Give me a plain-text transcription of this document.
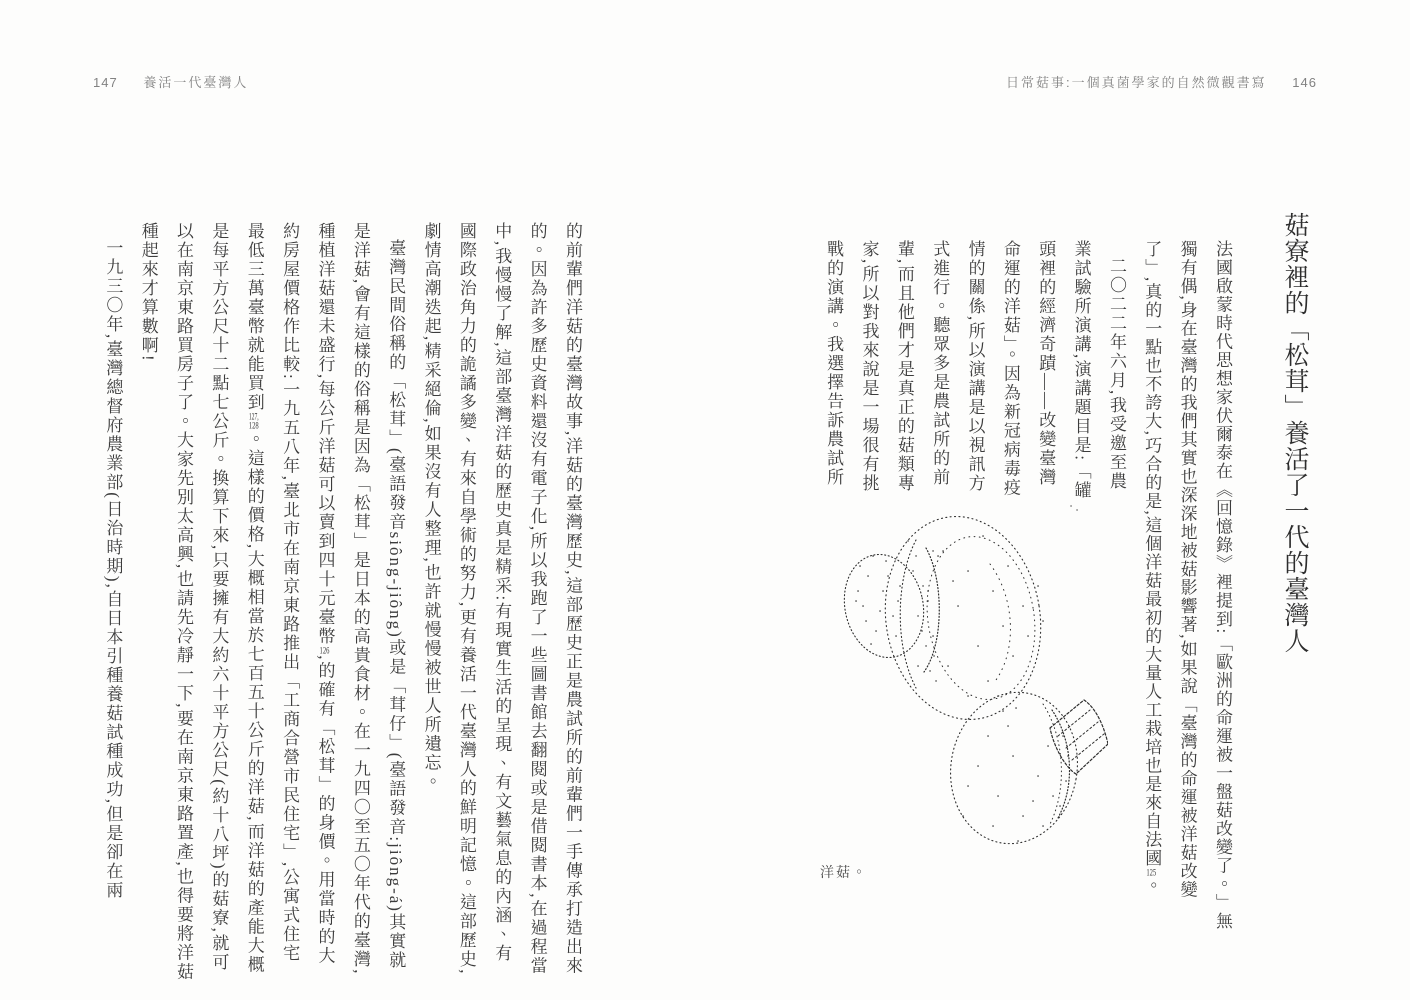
147 養活一代臺灣人	日常菇事:一個真菌學家的自然微觀書寫 146
菇寮裡的「松茸」養活了一代的臺灣人

法國啟蒙時代思想家伏爾泰在《回憶錄》裡提到:「歐洲的命運被一盤菇改變了。」無獨有偶,身在臺灣的我們其實也深深地被菇影響著,如果說「臺灣的命運被洋菇改變了」,真的一點也不誇大,巧合的是,這個洋菇最初的大量人工栽培也是來自法國125。

二〇二二年六月,我受邀至農業試驗所演講,演講題目是:「罐頭裡的經濟奇蹟——改變臺灣命運的洋菇」。因為新冠病毒疫情的關係,所以演講是以視訊方式進行。聽眾多是農試所的前輩,而且他們才是真正的菇類專家,所以對我來說是一場很有挑戰的演講。我選擇告訴農試所

洋菇。

的前輩們洋菇的臺灣故事,洋菇的臺灣歷史,這部歷史正是農試所的前輩們一手傳承打造出來的。因為許多歷史資料還沒有電子化,所以我跑了一些圖書館去翻閱或是借閱書本,在過程當中,我慢慢了解,這部臺灣洋菇的歷史真是精采:有現實生活的呈現、有文藝氣息的內涵、有國際政治角力的詭譎多變、有來自學術的努力,更有養活一代臺灣人的鮮明記憶。這部歷史,劇情高潮迭起,精采絕倫,如果沒有人整理,也許就慢慢被世人所遺忘。

臺灣民間俗稱的「松茸」(臺語發音siông-jiông)或是「茸仔」(臺語發音:jiông-á)其實就是洋菇,會有這樣的俗稱是因為「松茸」是日本的高貴食材。在一九四〇至五〇年代的臺灣,種植洋菇還未盛行,每公斤洋菇可以賣到四十元臺幣126,的確有「松茸」的身價。用當時的大約房屋價格作比較:一九五八年,臺北市在南京東路推出「工商合營市民住宅」,公寓式住宅最低三萬臺幣就能買到127,128。這樣的價格,大概相當於七百五十公斤的洋菇,而洋菇的產能大概是每平方公尺十二點七公斤。換算下來,只要擁有大約六十平方公尺(約十八坪)的菇寮,就可以在南京東路買房子了。大家先別太高興,也請先冷靜一下,要在南京東路置產,也得要將洋菇種起來才算數啊!

一九三〇年,臺灣總督府農業部(日治時期),自日本引種養菇試種成功,但是卻在兩
